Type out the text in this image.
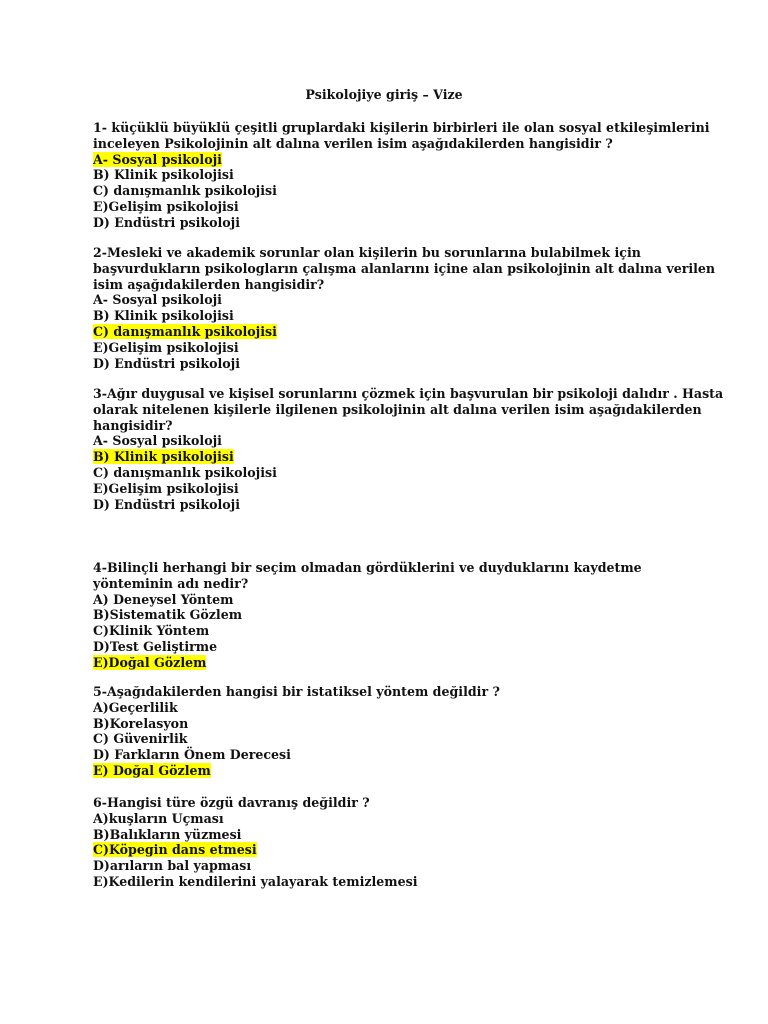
Psikolojiye giriş – Vize
1- küçüklü büyüklü çeşitli gruplardaki kişilerin birbirleri ile olan sosyal etkileşimlerini
inceleyen Psikolojinin alt dalına verilen isim aşağıdakilerden hangisidir ?
A- Sosyal psikoloji
B) Klinik psikolojisi
C) danışmanlık psikolojisi
E)Gelişim psikolojisi
D) Endüstri psikoloji
2-Mesleki ve akademik sorunlar olan kişilerin bu sorunlarına bulabilmek için
başvurdukların psikologların çalışma alanlarını içine alan psikolojinin alt dalına verilen
isim aşağıdakilerden hangisidir?
A- Sosyal psikoloji
B) Klinik psikolojisi
C) danışmanlık psikolojisi
E)Gelişim psikolojisi
D) Endüstri psikoloji
3-Ağır duygusal ve kişisel sorunlarını çözmek için başvurulan bir psikoloji dalıdır . Hasta
olarak nitelenen kişilerle ilgilenen psikolojinin alt dalına verilen isim aşağıdakilerden
hangisidir?
A- Sosyal psikoloji
B) Klinik psikolojisi
C) danışmanlık psikolojisi
E)Gelişim psikolojisi
D) Endüstri psikoloji
4-Bilinçli herhangi bir seçim olmadan gördüklerini ve duyduklarını kaydetme
yönteminin adı nedir?
A) Deneysel Yöntem
B)Sistematik Gözlem
C)Klinik Yöntem
D)Test Geliştirme
E)Doğal Gözlem
5-Aşağıdakilerden hangisi bir istatiksel yöntem değildir ?
A)Geçerlilik
B)Korelasyon
C) Güvenirlik
D) Farkların Önem Derecesi
E) Doğal Gözlem
6-Hangisi türe özgü davranış değildir ?
A)kuşların Uçması
B)Balıkların yüzmesi
C)Köpegin dans etmesi
D)arıların bal yapması
E)Kedilerin kendilerini yalayarak temizlemesi
